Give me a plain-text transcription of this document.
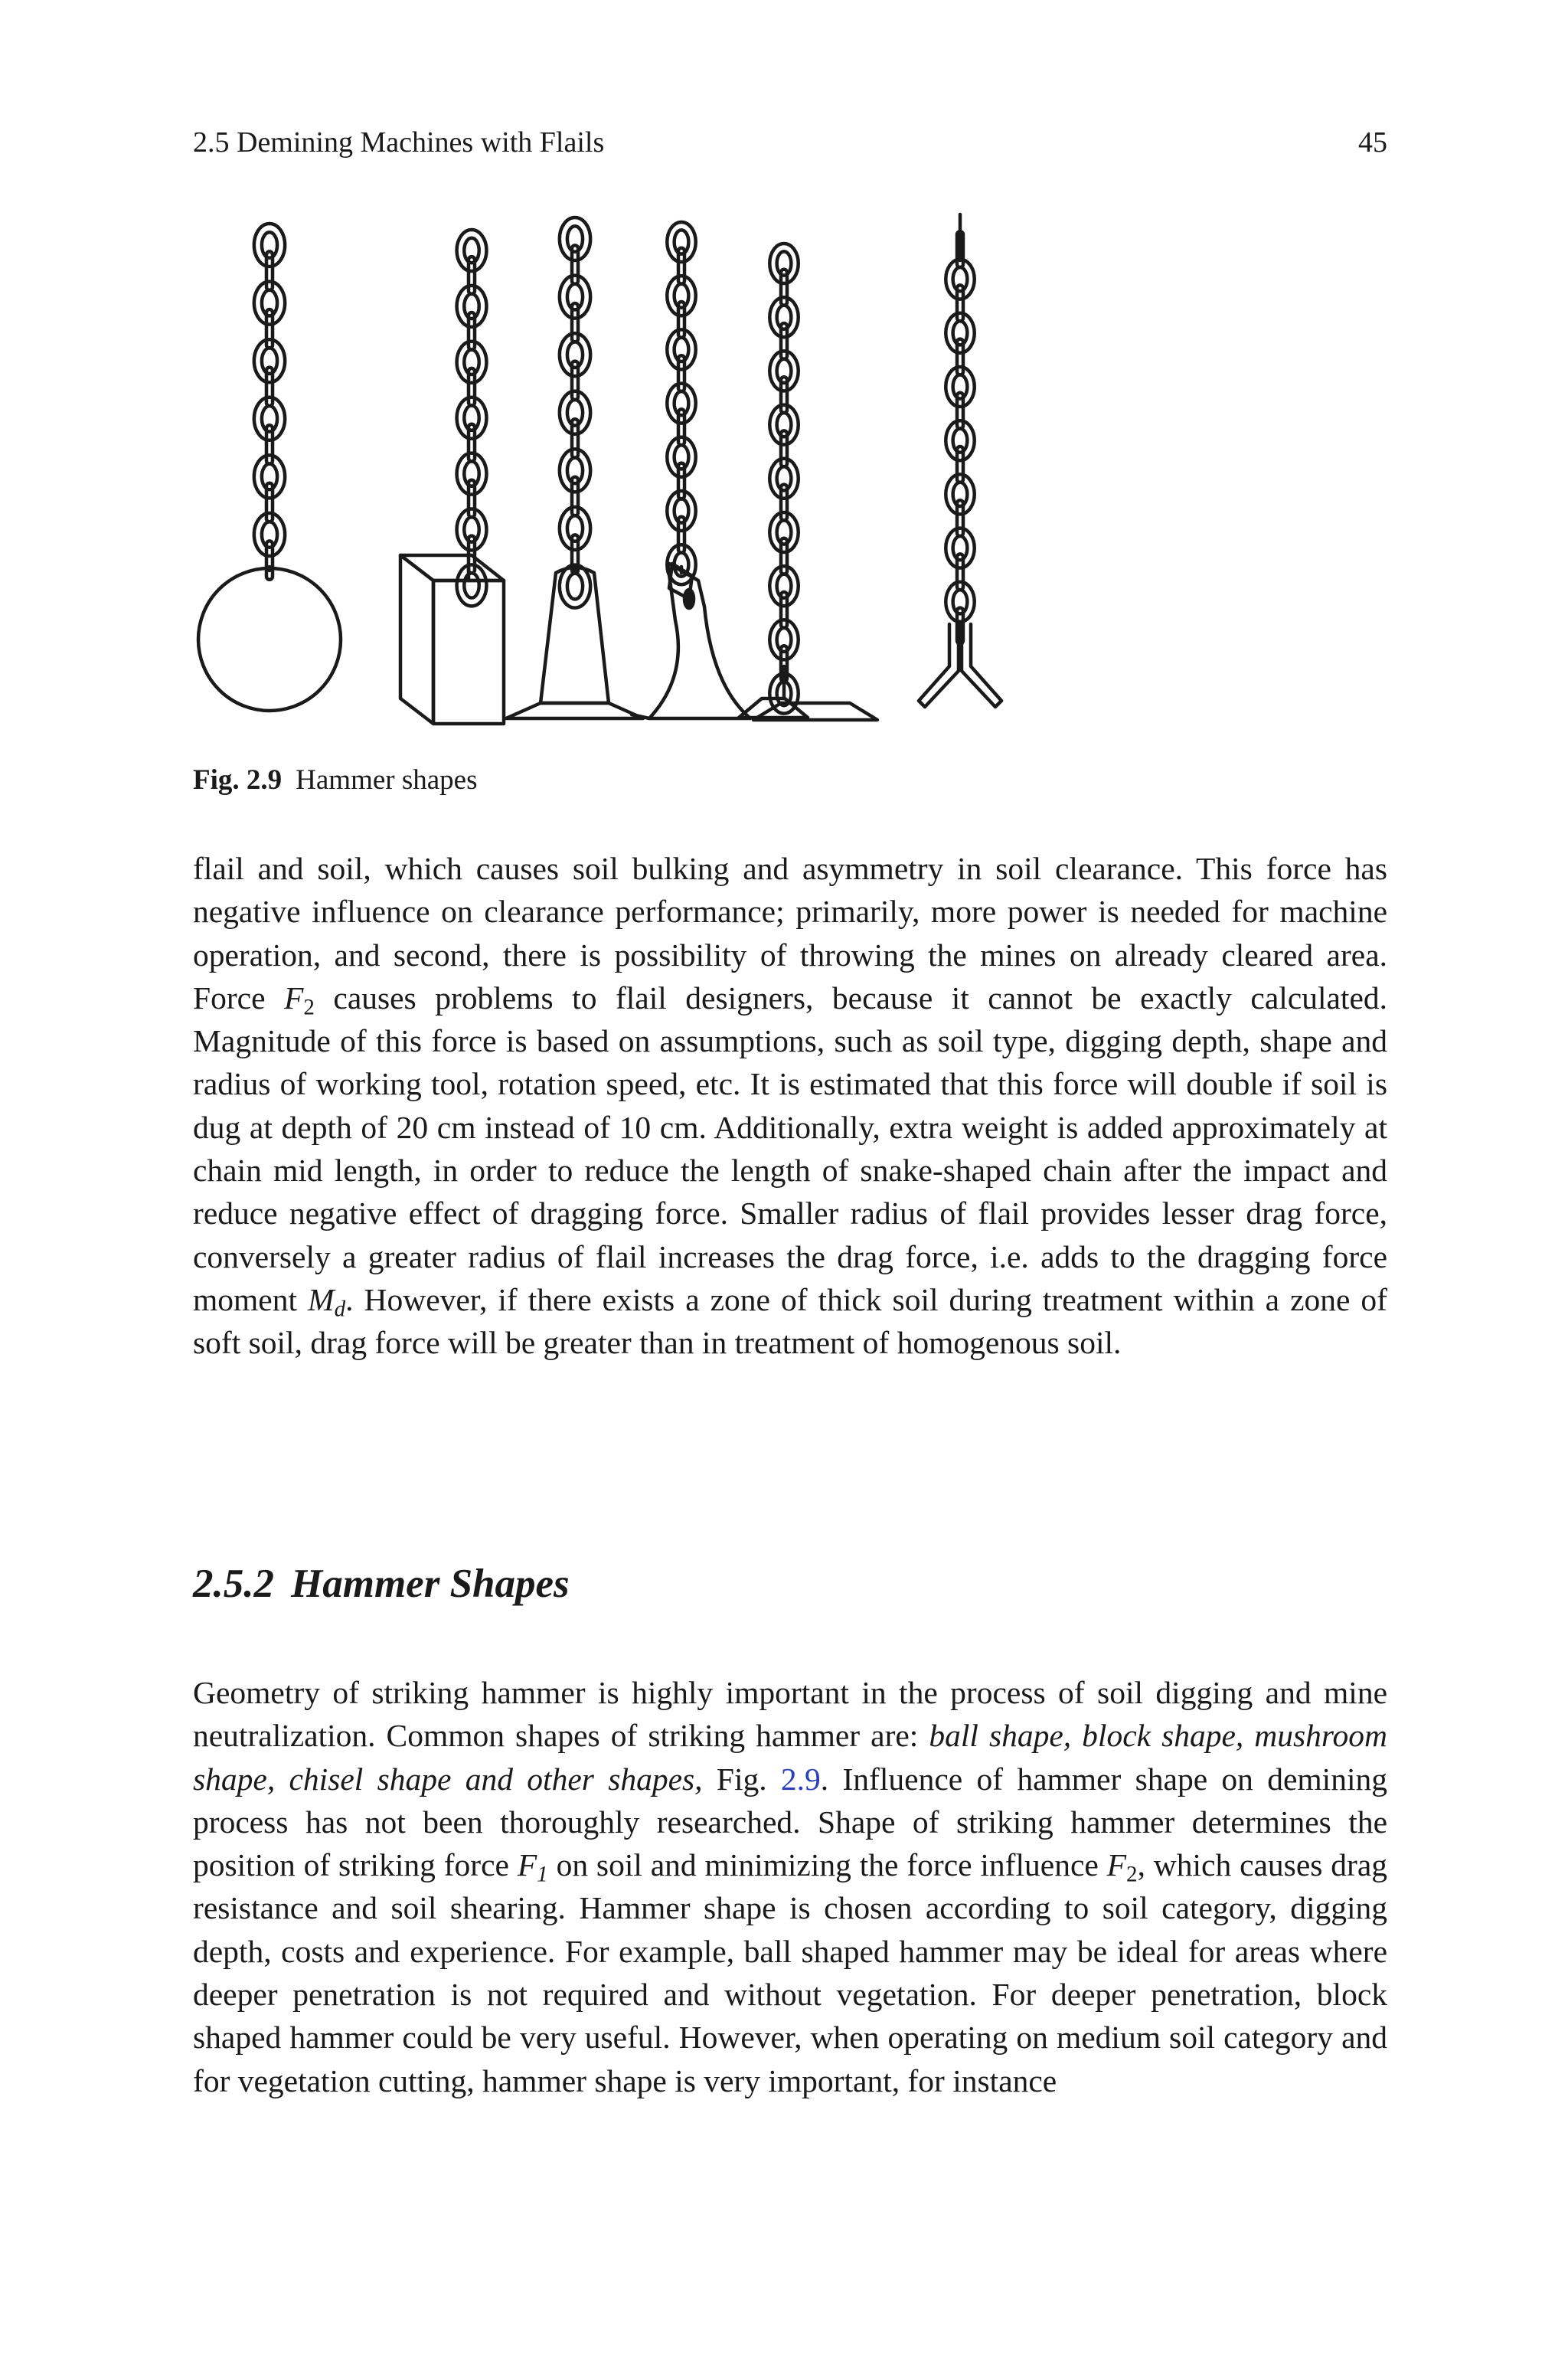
2.5 Demining Machines with Flails	45
Fig. 2.9 Hammer shapes
flail and soil, which causes soil bulking and asymmetry in soil clearance. This force has negative influence on clearance performance; primarily, more power is needed for machine operation, and second, there is possibility of throwing the mines on already cleared area. Force $F_2$ causes problems to flail designers, because it cannot be exactly calculated. Magnitude of this force is based on assumptions, such as soil type, digging depth, shape and radius of working tool, rotation speed, etc. It is estimated that this force will double if soil is dug at depth of 20 cm instead of 10 cm. Additionally, extra weight is added approximately at chain mid length, in order to reduce the length of snake-shaped chain after the impact and reduce negative effect of dragging force. Smaller radius of flail provides lesser drag force, conversely a greater radius of flail increases the drag force, i.e. adds to the dragging force moment $M_d$. However, if there exists a zone of thick soil during treatment within a zone of soft soil, drag force will be greater than in treatment of homogenous soil.
2.5.2 Hammer Shapes
Geometry of striking hammer is highly important in the process of soil digging and mine neutralization. Common shapes of striking hammer are: ball shape, block shape, mushroom shape, chisel shape and other shapes, Fig. 2.9. Influence of hammer shape on demining process has not been thoroughly researched. Shape of striking hammer determines the position of striking force $F_1$ on soil and minimizing the force influence $F_2$, which causes drag resistance and soil shearing. Hammer shape is chosen according to soil category, digging depth, costs and experience. For example, ball shaped hammer may be ideal for areas where deeper penetration is not required and without vegetation. For deeper penetration, block shaped hammer could be very useful. However, when operating on medium soil category and for vegetation cutting, hammer shape is very important, for instance
